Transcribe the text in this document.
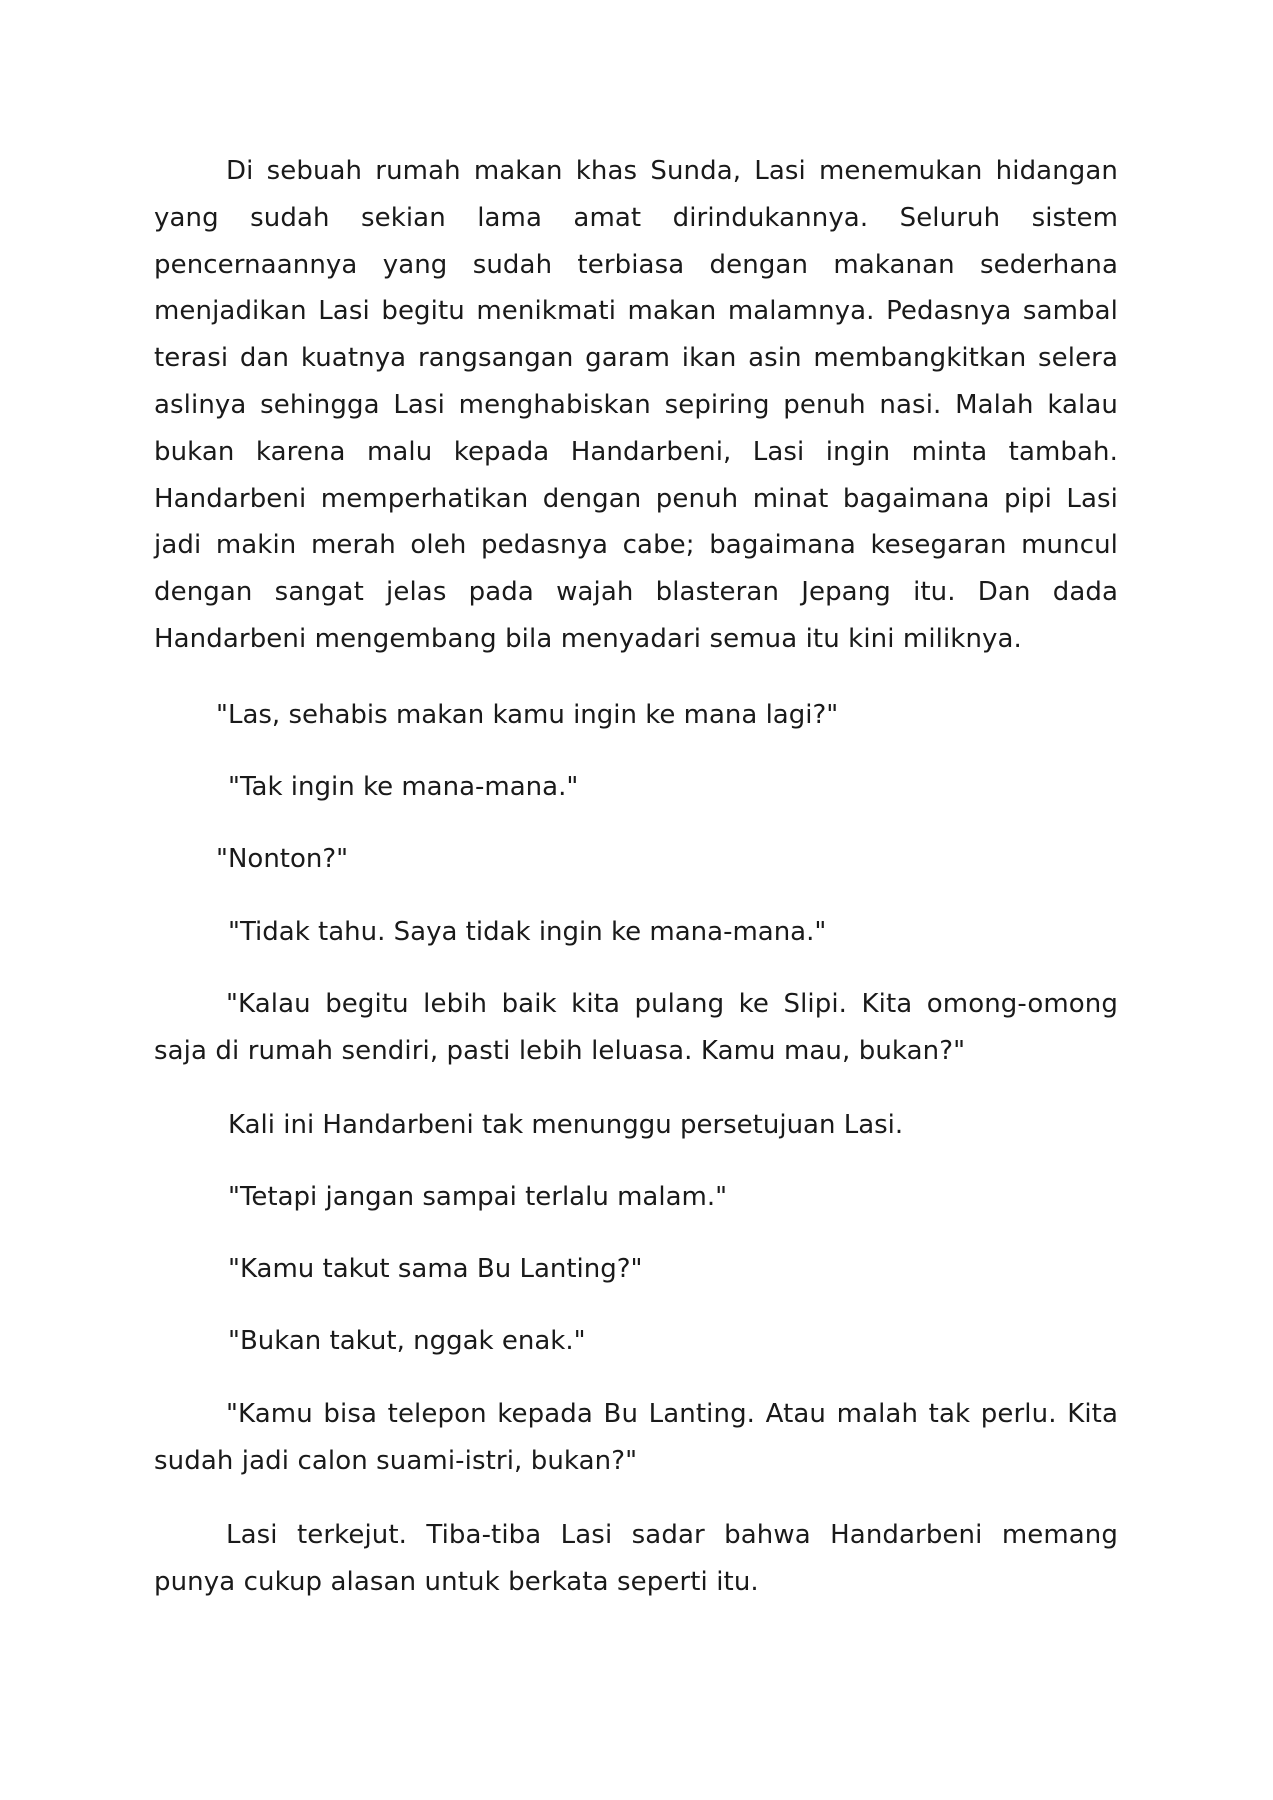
Di sebuah rumah makan khas Sunda, Lasi menemukan hidangan yang sudah sekian lama amat dirindukannya. Seluruh sistem pencernaannya yang sudah terbiasa dengan makanan sederhana menjadikan Lasi begitu menikmati makan malamnya. Pedasnya sambal terasi dan kuatnya rangsangan garam ikan asin membangkitkan selera aslinya sehingga Lasi menghabiskan sepiring penuh nasi. Malah kalau bukan karena malu kepada Handarbeni, Lasi ingin minta tambah. Handarbeni memperhatikan dengan penuh minat bagaimana pipi Lasi jadi makin merah oleh pedasnya cabe; bagaimana kesegaran muncul dengan sangat jelas pada wajah blasteran Jepang itu. Dan dada Handarbeni mengembang bila menyadari semua itu kini miliknya.

"Las, sehabis makan kamu ingin ke mana lagi?"
"Tak ingin ke mana-mana."
"Nonton?"
"Tidak tahu. Saya tidak ingin ke mana-mana."

"Kalau begitu lebih baik kita pulang ke Slipi. Kita omong-omong saja di rumah sendiri, pasti lebih leluasa. Kamu mau, bukan?"

Kali ini Handarbeni tak menunggu persetujuan Lasi.
"Tetapi jangan sampai terlalu malam."
"Kamu takut sama Bu Lanting?"
"Bukan takut, nggak enak."

"Kamu bisa telepon kepada Bu Lanting. Atau malah tak perlu. Kita sudah jadi calon suami-istri, bukan?"

Lasi terkejut. Tiba-tiba Lasi sadar bahwa Handarbeni memang punya cukup alasan untuk berkata seperti itu.
